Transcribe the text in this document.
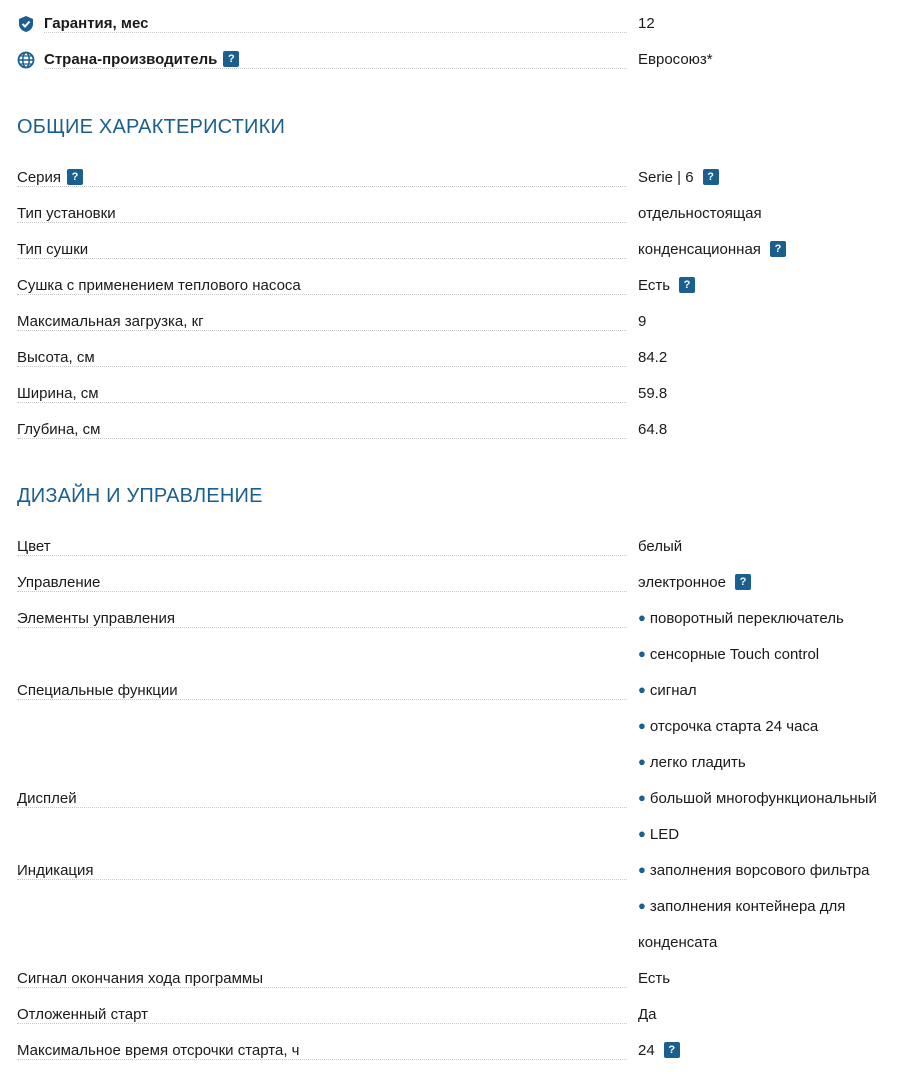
Гарантия, мес	12
Страна-производитель ?	Евросоюз*
ОБЩИЕ ХАРАКТЕРИСТИКИ
Серия ?	Serie | 6 ?
Тип установки	отдельностоящая
Тип сушки	конденсационная ?
Сушка с применением теплового насоса	Есть ?
Максимальная загрузка, кг	9
Высота, см	84.2
Ширина, см	59.8
Глубина, см	64.8
ДИЗАЙН И УПРАВЛЕНИЕ
Цвет	белый
Управление	электронное ?
Элементы управления	● поворотный переключатель
● сенсорные Touch control
Специальные функции	● сигнал
● отсрочка старта 24 часа
● легко гладить
Дисплей	● большой многофункциональный
● LED
Индикация	● заполнения ворсового фильтра
● заполнения контейнера для
конденсата
Сигнал окончания хода программы	Есть
Отложенный старт	Да
Максимальное время отсрочки старта, ч	24 ?
